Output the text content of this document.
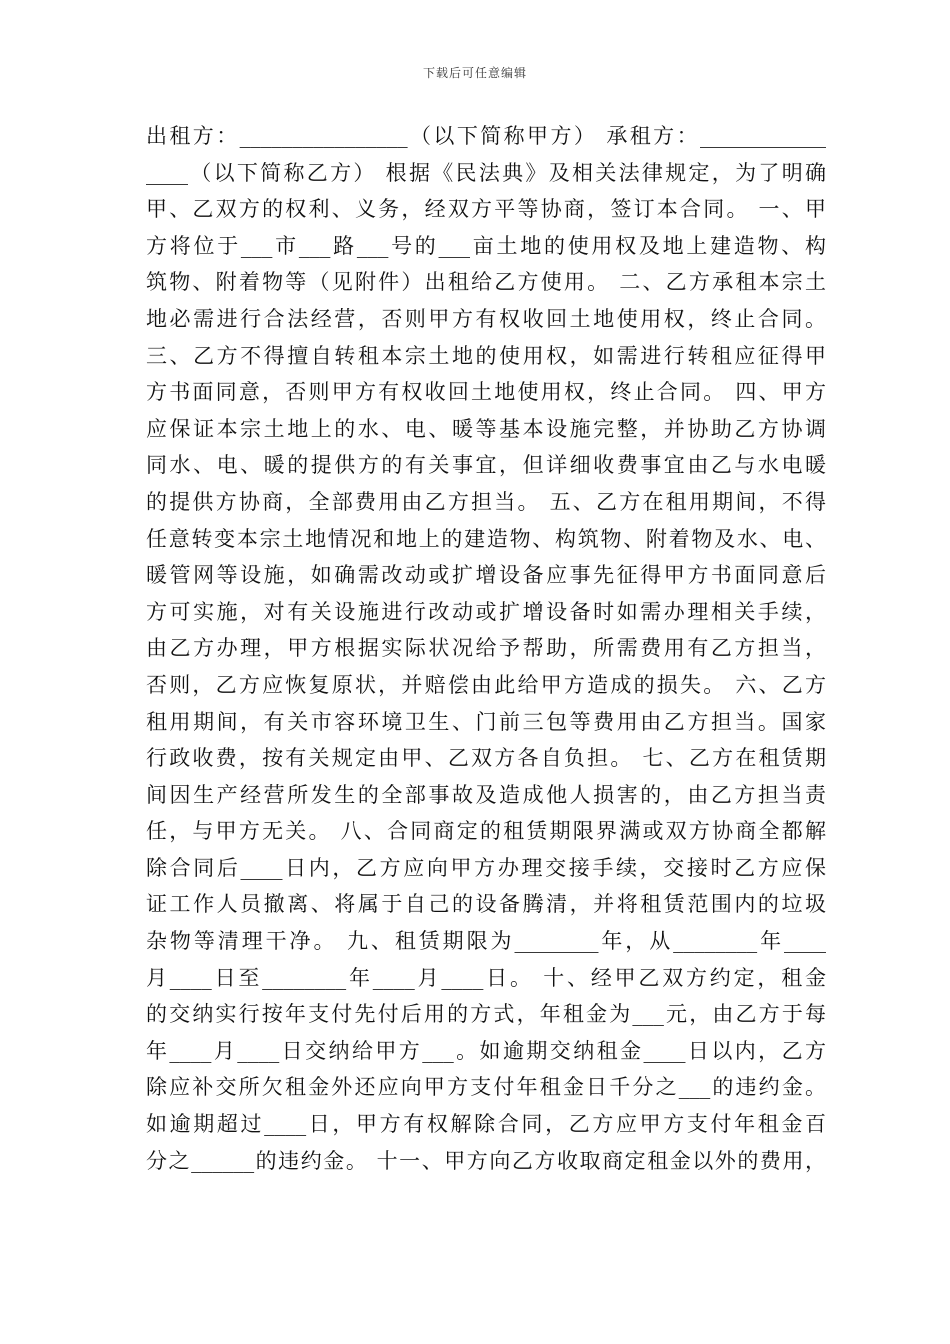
下载后可任意编辑
出租方：________________（以下简称甲方） 承租方：____________
____（以下简称乙方） 根据《民法典》及相关法律规定，为了明确
甲、乙双方的权利、义务，经双方平等协商，签订本合同。 一、甲
方将位于___市___路___号的___亩土地的使用权及地上建造物、构
筑物、附着物等（见附件）出租给乙方使用。 二、乙方承租本宗土
地必需进行合法经营，否则甲方有权收回土地使用权，终止合同。
三、乙方不得擅自转租本宗土地的使用权，如需进行转租应征得甲
方书面同意，否则甲方有权收回土地使用权，终止合同。 四、甲方
应保证本宗土地上的水、电、暖等基本设施完整，并协助乙方协调
同水、电、暖的提供方的有关事宜，但详细收费事宜由乙与水电暖
的提供方协商，全部费用由乙方担当。 五、乙方在租用期间，不得
任意转变本宗土地情况和地上的建造物、构筑物、附着物及水、电、
暖管网等设施，如确需改动或扩增设备应事先征得甲方书面同意后
方可实施，对有关设施进行改动或扩增设备时如需办理相关手续，
由乙方办理，甲方根据实际状况给予帮助，所需费用有乙方担当，
否则，乙方应恢复原状，并赔偿由此给甲方造成的损失。 六、乙方
租用期间，有关市容环境卫生、门前三包等费用由乙方担当。国家
行政收费，按有关规定由甲、乙双方各自负担。 七、乙方在租赁期
间因生产经营所发生的全部事故及造成他人损害的，由乙方担当责
任，与甲方无关。 八、合同商定的租赁期限界满或双方协商全都解
除合同后____日内，乙方应向甲方办理交接手续，交接时乙方应保
证工作人员撤离、将属于自己的设备腾清，并将租赁范围内的垃圾
杂物等清理干净。 九、租赁期限为________年，从________年____
月____日至________年____月____日。 十、经甲乙双方约定，租金
的交纳实行按年支付先付后用的方式，年租金为___元，由乙方于每
年____月____日交纳给甲方___。如逾期交纳租金____日以内，乙方
除应补交所欠租金外还应向甲方支付年租金日千分之___的违约金。
如逾期超过____日，甲方有权解除合同，乙方应甲方支付年租金百
分之______的违约金。 十一、甲方向乙方收取商定租金以外的费用，
